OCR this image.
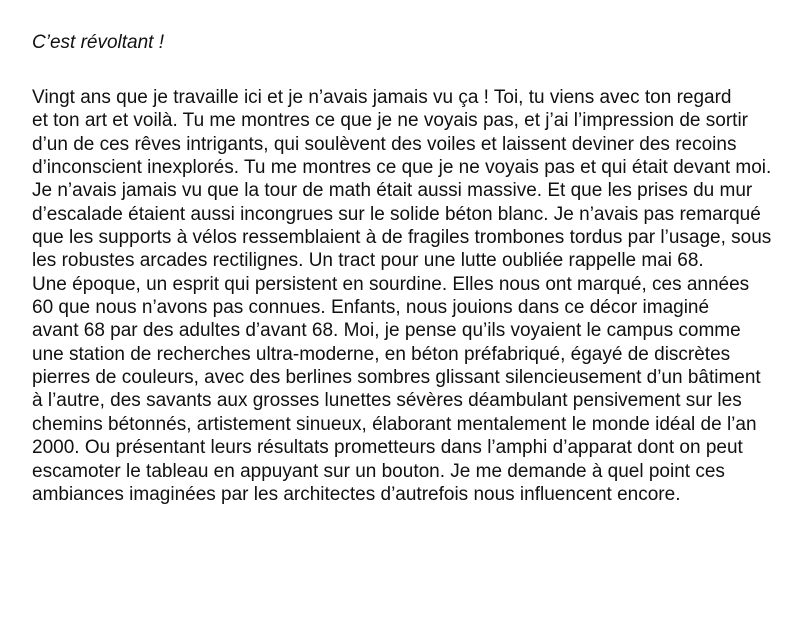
C’est révoltant !
Vingt ans que je travaille ici et je n’avais jamais vu ça ! Toi, tu viens avec ton regard
et ton art et voilà. Tu me montres ce que je ne voyais pas, et j’ai l’impression de sortir
d’un de ces rêves intrigants, qui soulèvent des voiles et laissent deviner des recoins
d’inconscient inexplorés. Tu me montres ce que je ne voyais pas et qui était devant moi.
Je n’avais jamais vu que la tour de math était aussi massive. Et que les prises du mur
d’escalade étaient aussi incongrues sur le solide béton blanc. Je n’avais pas remarqué
que les supports à vélos ressemblaient à de fragiles trombones tordus par l’usage, sous
les robustes arcades rectilignes. Un tract pour une lutte oubliée rappelle mai 68.
Une époque, un esprit qui persistent en sourdine. Elles nous ont marqué, ces années
60 que nous n’avons pas connues. Enfants, nous jouions dans ce décor imaginé
avant 68 par des adultes d’avant 68. Moi, je pense qu’ils voyaient le campus comme
une station de recherches ultra-moderne, en béton préfabriqué, égayé de discrètes
pierres de couleurs, avec des berlines sombres glissant silencieusement d’un bâtiment
à l’autre, des savants aux grosses lunettes sévères déambulant pensivement sur les
chemins bétonnés, artistement sinueux, élaborant mentalement le monde idéal de l’an
2000. Ou présentant leurs résultats prometteurs dans l’amphi d’apparat dont on peut
escamoter le tableau en appuyant sur un bouton. Je me demande à quel point ces
ambiances imaginées par les architectes d’autrefois nous influencent encore.
